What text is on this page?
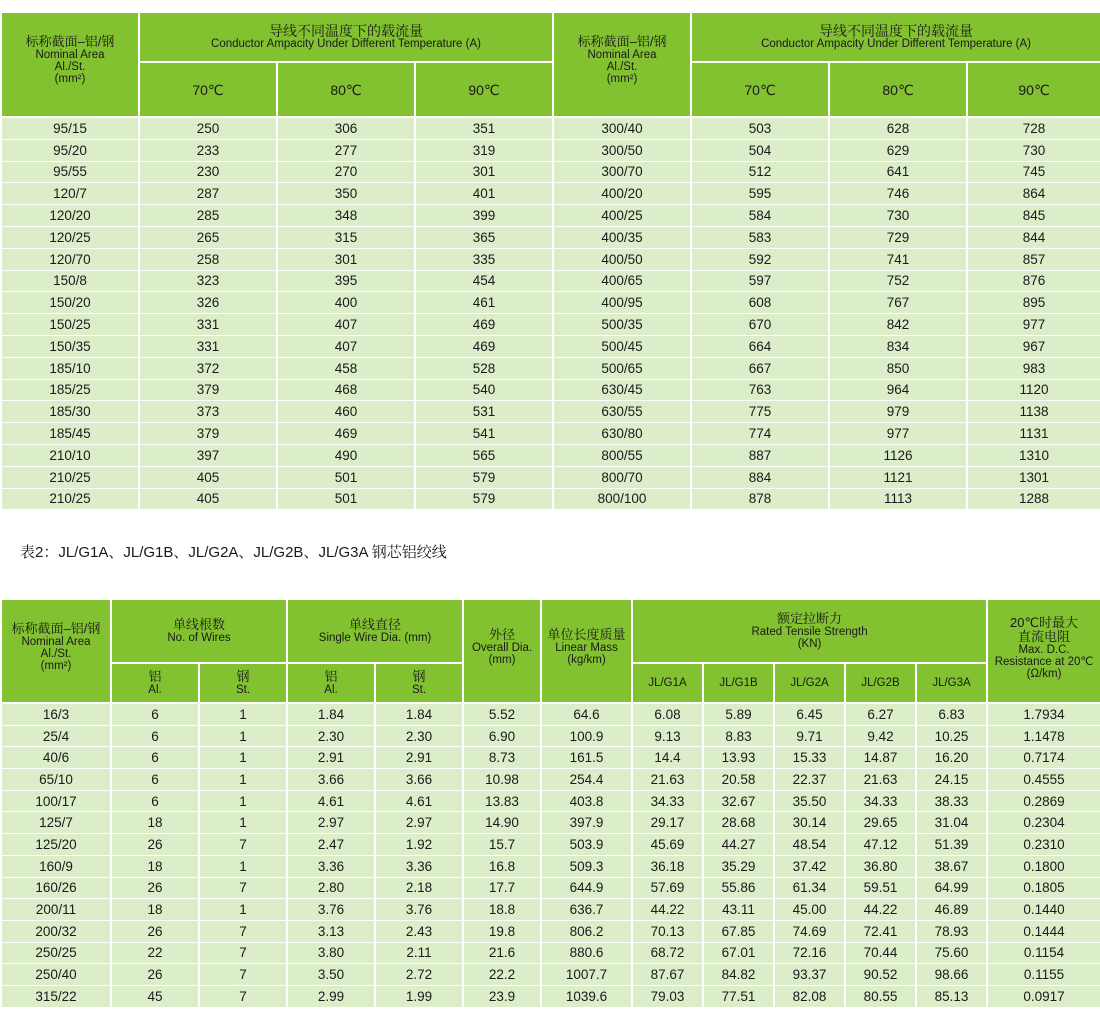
标称截面–铝/钢
Nominal Area
Al./St.
(mm²)	导线不同温度下的载流量
Conductor Ampacity Under Different Temperature (A)			标称截面–铝/钢
Nominal Area
Al./St.
(mm²)	导线不同温度下的载流量
Conductor Ampacity Under Different Temperature (A)		

	70℃	80℃	90℃		70℃	80℃	90℃

95/15	250	306	351	300/40	503	628	728
95/20	233	277	319	300/50	504	629	730
95/55	230	270	301	300/70	512	641	745
120/7	287	350	401	400/20	595	746	864
120/20	285	348	399	400/25	584	730	845
120/25	265	315	365	400/35	583	729	844
120/70	258	301	335	400/50	592	741	857
150/8	323	395	454	400/65	597	752	876
150/20	326	400	461	400/95	608	767	895
150/25	331	407	469	500/35	670	842	977
150/35	331	407	469	500/45	664	834	967
185/10	372	458	528	500/65	667	850	983
185/25	379	468	540	630/45	763	964	1120
185/30	373	460	531	630/55	775	979	1138
185/45	379	469	541	630/80	774	977	1131
210/10	397	490	565	800/55	887	1126	1310
210/25	405	501	579	800/70	884	1121	1301
210/25	405	501	579	800/100	878	1113	1288

表2：JL/G1A、JL/G1B、JL/G2A、JL/G2B、JL/G3A 钢芯铝绞线

标称截面–铝/钢
Nominal Area
Al./St.
(mm²)	单线根数
No. of Wires		单线直径
Single Wire Dia. (mm)		外径
Overall Dia.
(mm)	单位长度质量
Linear Mass
(kg/km)	额定拉断力
Rated Tensile Strength
(KN)					20℃时最大
直流电阻
Max. D.C.
Resistance at 20℃
(Ω/km)

	铝
Al.	钢
St.	铝
Al.	钢
St.			JL/G1A	JL/G1B	JL/G2A	JL/G2B	JL/G3A	

16/3	6	1	1.84	1.84	5.52	64.6	6.08	5.89	6.45	6.27	6.83	1.7934
25/4	6	1	2.30	2.30	6.90	100.9	9.13	8.83	9.71	9.42	10.25	1.1478
40/6	6	1	2.91	2.91	8.73	161.5	14.4	13.93	15.33	14.87	16.20	0.7174
65/10	6	1	3.66	3.66	10.98	254.4	21.63	20.58	22.37	21.63	24.15	0.4555
100/17	6	1	4.61	4.61	13.83	403.8	34.33	32.67	35.50	34.33	38.33	0.2869
125/7	18	1	2.97	2.97	14.90	397.9	29.17	28.68	30.14	29.65	31.04	0.2304
125/20	26	7	2.47	1.92	15.7	503.9	45.69	44.27	48.54	47.12	51.39	0.2310
160/9	18	1	3.36	3.36	16.8	509.3	36.18	35.29	37.42	36.80	38.67	0.1800
160/26	26	7	2.80	2.18	17.7	644.9	57.69	55.86	61.34	59.51	64.99	0.1805
200/11	18	1	3.76	3.76	18.8	636.7	44.22	43.11	45.00	44.22	46.89	0.1440
200/32	26	7	3.13	2.43	19.8	806.2	70.13	67.85	74.69	72.41	78.93	0.1444
250/25	22	7	3.80	2.11	21.6	880.6	68.72	67.01	72.16	70.44	75.60	0.1154
250/40	26	7	3.50	2.72	22.2	1007.7	87.67	84.82	93.37	90.52	98.66	0.1155
315/22	45	7	2.99	1.99	23.9	1039.6	79.03	77.51	82.08	80.55	85.13	0.0917
